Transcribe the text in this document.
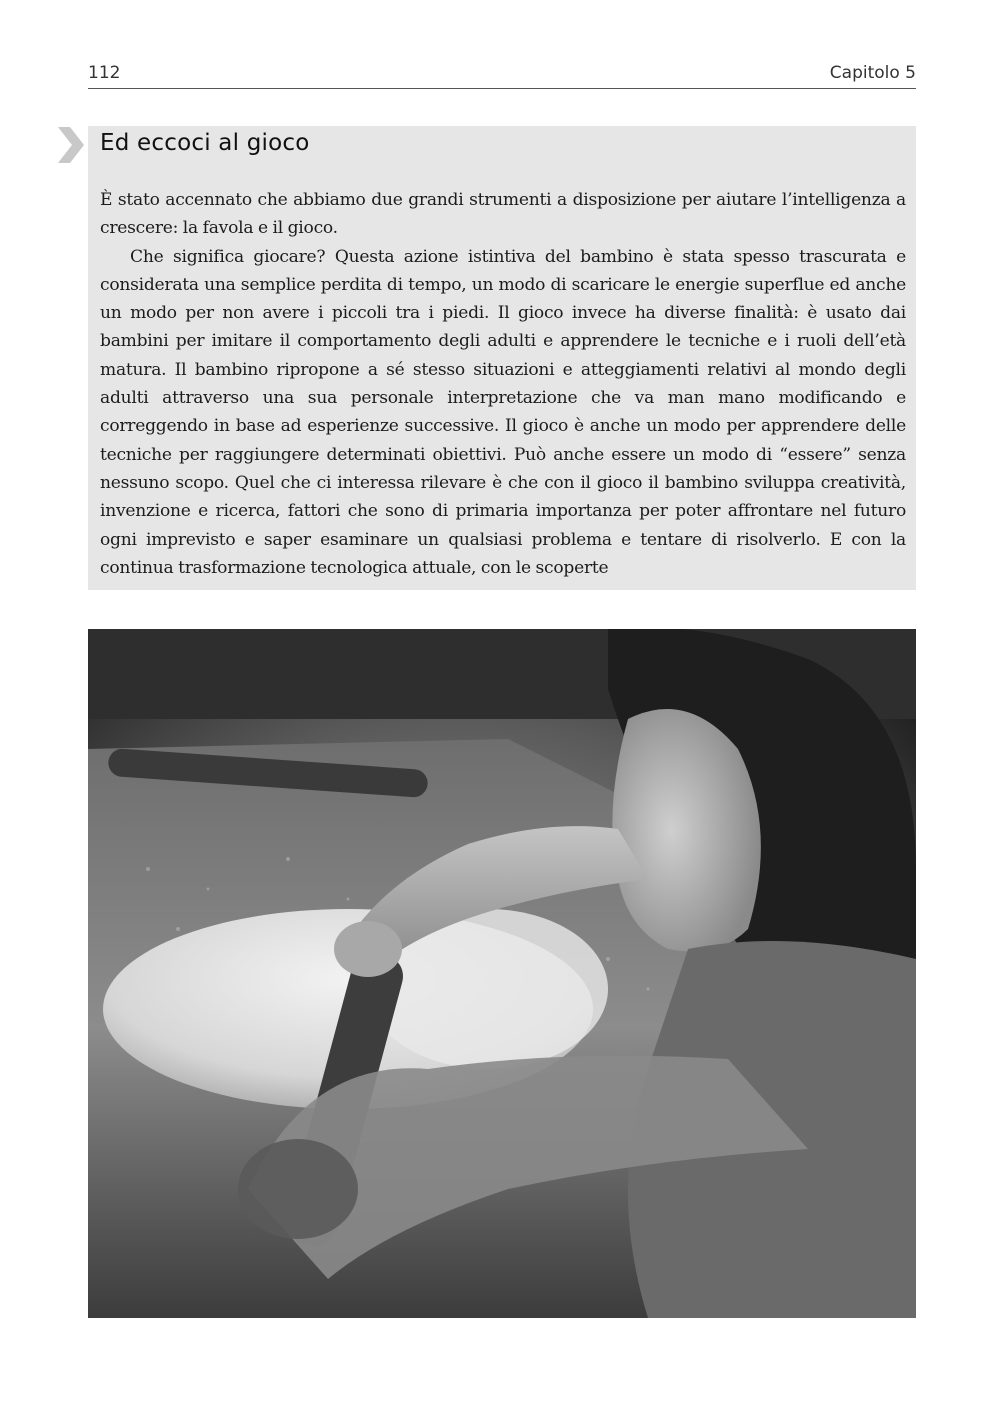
112	Capitolo 5
Ed eccoci al gioco

È stato accennato che abbiamo due grandi strumenti a disposizione per aiutare l’intelligenza a crescere: la favola e il gioco.

Che significa giocare? Questa azione istintiva del bambino è stata spesso trascurata e considerata una semplice perdita di tempo, un modo di scaricare le energie superflue ed anche un modo per non avere i piccoli tra i piedi. Il gioco invece ha diverse finalità: è usato dai bambini per imitare il comportamento degli adulti e apprendere le tecniche e i ruoli dell’età matura. Il bambino ripropone a sé stesso situazioni e atteggiamenti relativi al mondo degli adulti attraverso una sua personale interpretazione che va man mano modificando e correggendo in base ad esperienze successive. Il gioco è anche un modo per apprendere delle tecniche per raggiungere determinati obiettivi. Può anche essere un modo di “essere” senza nessuno scopo. Quel che ci interessa rilevare è che con il gioco il bambino sviluppa creatività, invenzione e ricerca, fattori che sono di primaria importanza per poter affrontare nel futuro ogni imprevisto e saper esaminare un qualsiasi problema e tentare di risolverlo. E con la continua trasformazione tecnologica attuale, con le scoperte
